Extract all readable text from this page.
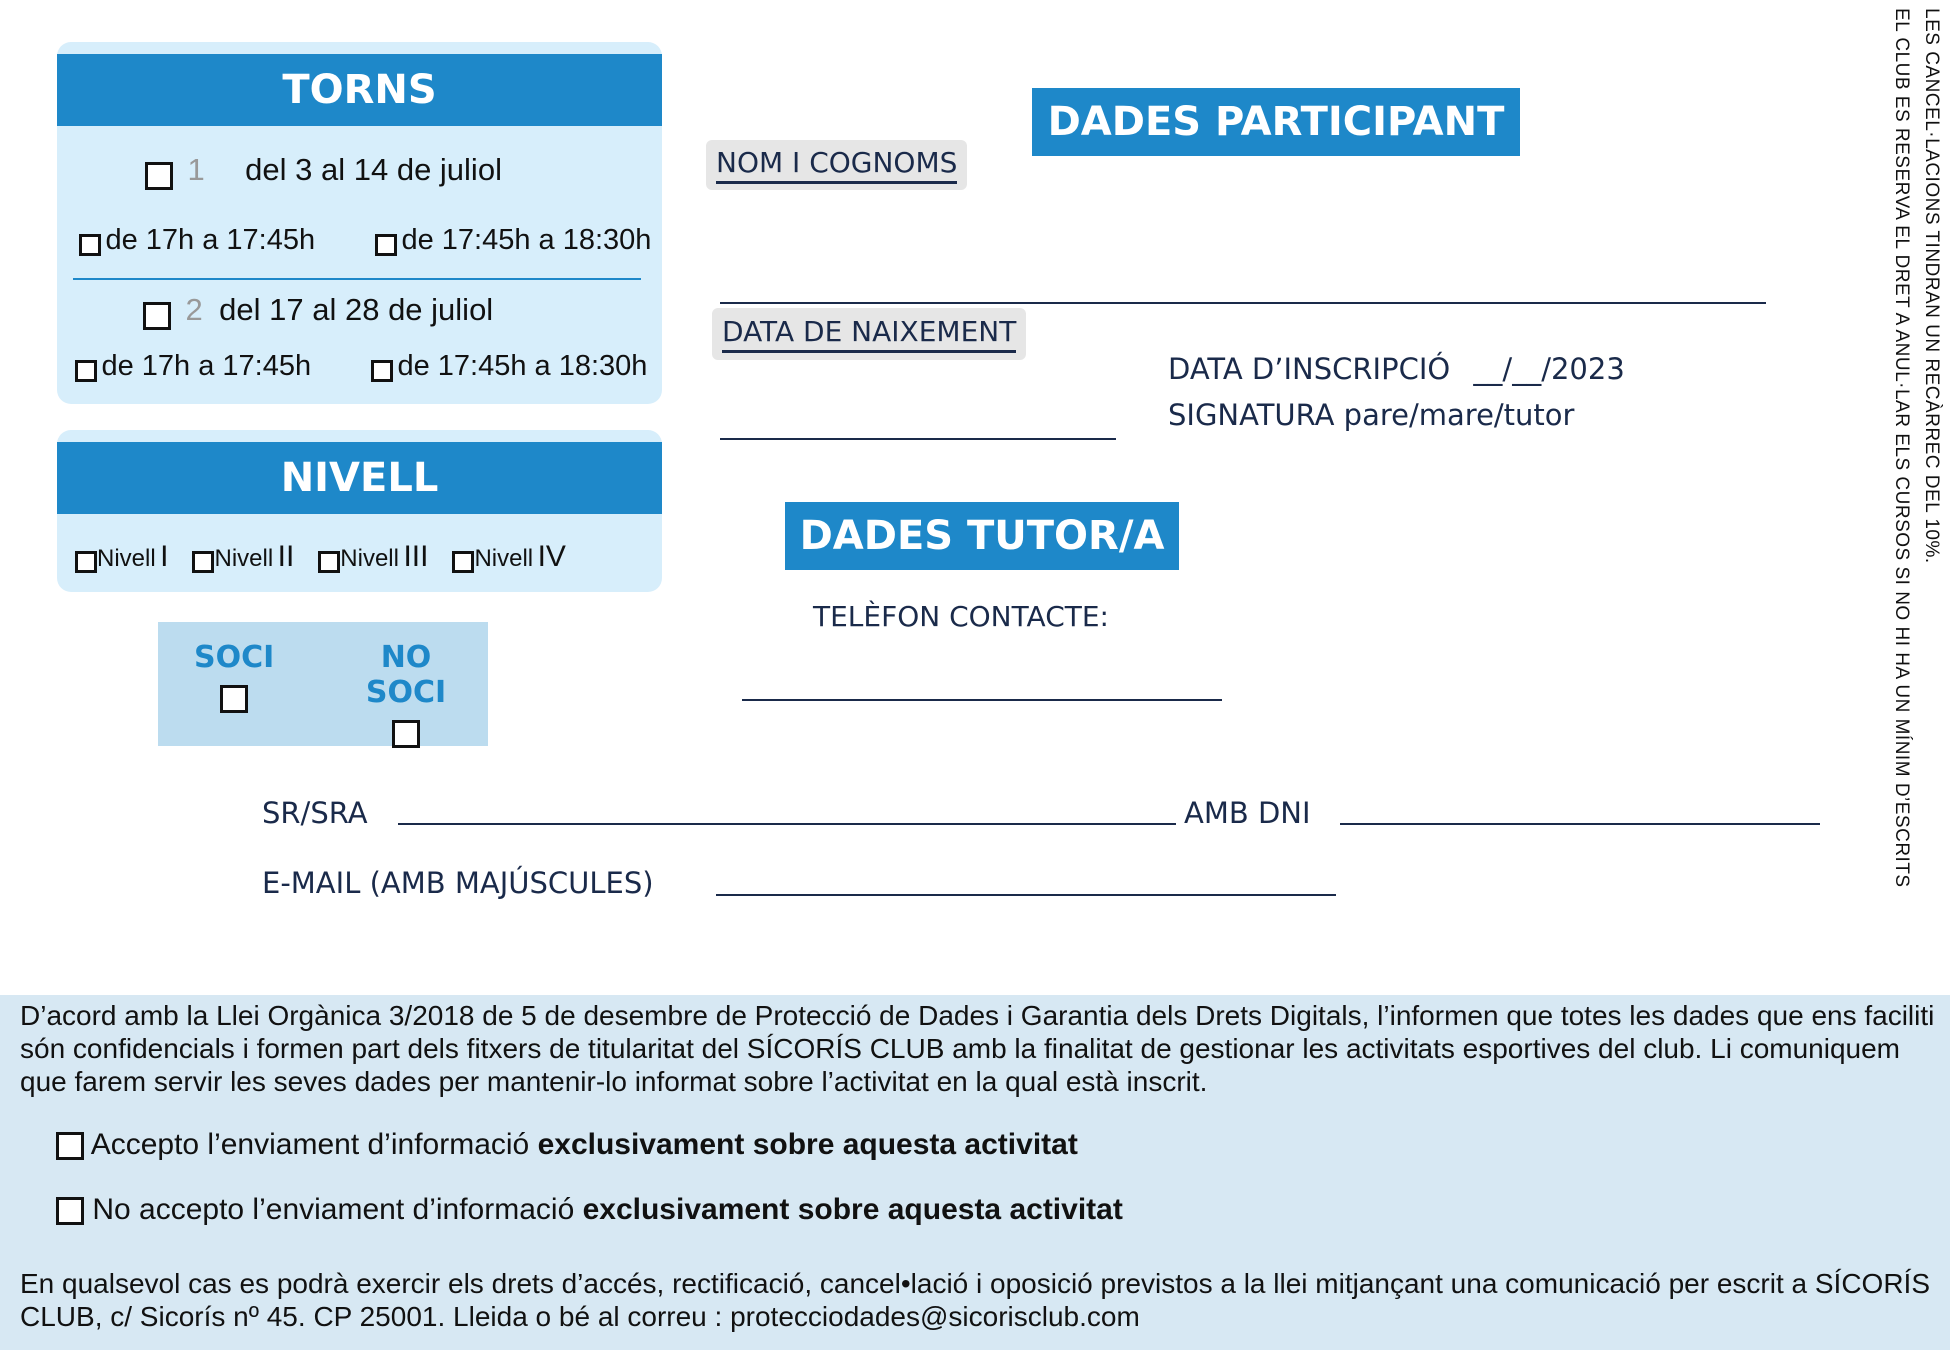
TORNS
1 del 3 al 14 de juliol
de 17h a 17:45h	de 17:45h a 18:30h
2 del 17 al 28 de juliol
de 17h a 17:45h	de 17:45h a 18:30h
NIVELL
Nivell I	Nivell II	Nivell III	Nivell IV
SOCI	NO SOCI
DADES PARTICIPANT
NOM I COGNOMS
DATA DE NAIXEMENT
DATA D’INSCRIPCIÓ __/__/2023
SIGNATURA pare/mare/tutor
DADES TUTOR/A
TELÈFON CONTACTE:
SR/SRA	AMB DNI
E-MAIL (AMB MAJÚSCULES)
LES CANCEL·LACIONS TINDRAN UN RECÀRREC DEL 10%.
EL CLUB ES RESERVA EL DRET A ANUL·LAR ELS CURSOS SI NO HI HA UN MÍNIM D’ESCRITS

D’acord amb la Llei Orgànica 3/2018 de 5 de desembre de Protecció de Dades i Garantia dels Drets Digitals, l’informen que totes les dades que ens faciliti són confidencials i formen part dels fitxers de titularitat del SÍCORÍS CLUB amb la finalitat de gestionar les activitats esportives del club. Li comuniquem que farem servir les seves dades per mantenir-lo informat sobre l’activitat en la qual està inscrit.

Accepto l’enviament d’informació exclusivament sobre aquesta activitat
No accepto l’enviament d’informació exclusivament sobre aquesta activitat

En qualsevol cas es podrà exercir els drets d’accés, rectificació, cancel•lació i oposició previstos a la llei mitjançant una comunicació per escrit a SÍCORÍS CLUB, c/ Sicorís nº 45. CP 25001. Lleida o bé al correu : protecciodades@sicorisclub.com
